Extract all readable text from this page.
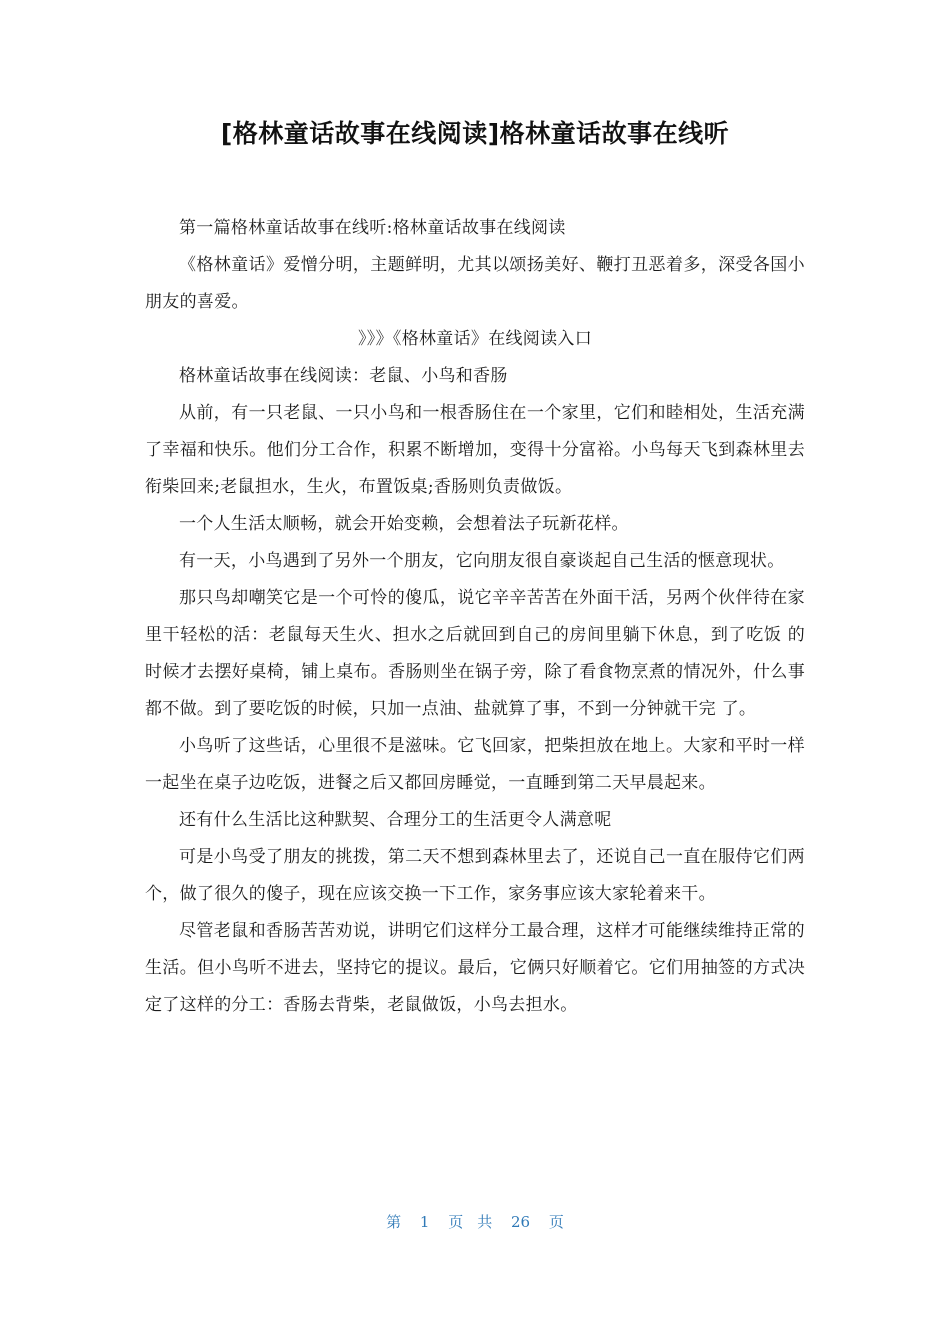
[格林童话故事在线阅读]格林童话故事在线听

第一篇格林童话故事在线听:格林童话故事在线阅读

《格林童话》爱憎分明，主题鲜明，尤其以颂扬美好、鞭打丑恶着多，深受各国小朋友的喜爱。

》》》《格林童话》在线阅读入口

格林童话故事在线阅读：老鼠、小鸟和香肠

从前，有一只老鼠、一只小鸟和一根香肠住在一个家里，它们和睦相处，生活充满了幸福和快乐。他们分工合作，积累不断增加，变得十分富裕。小鸟每天飞到森林里去衔柴回来;老鼠担水，生火，布置饭桌;香肠则负责做饭。

一个人生活太顺畅，就会开始变赖，会想着法子玩新花样。

有一天，小鸟遇到了另外一个朋友，它向朋友很自豪谈起自己生活的惬意现状。

那只鸟却嘲笑它是一个可怜的傻瓜，说它辛辛苦苦在外面干活，另两个伙伴待在家里干轻松的活：老鼠每天生火、担水之后就回到自己的房间里躺下休息，到了吃饭 的时候才去摆好桌椅，铺上桌布。香肠则坐在锅子旁，除了看食物烹煮的情况外，什么事都不做。到了要吃饭的时候，只加一点油、盐就算了事，不到一分钟就干完 了。

小鸟听了这些话，心里很不是滋味。它飞回家，把柴担放在地上。大家和平时一样一起坐在桌子边吃饭，进餐之后又都回房睡觉，一直睡到第二天早晨起来。

还有什么生活比这种默契、合理分工的生活更令人满意呢

可是小鸟受了朋友的挑拨，第二天不想到森林里去了，还说自己一直在服侍它们两个，做了很久的傻子，现在应该交换一下工作，家务事应该大家轮着来干。

尽管老鼠和香肠苦苦劝说，讲明它们这样分工最合理，这样才可能继续维持正常的生活。但小鸟听不进去，坚持它的提议。最后，它俩只好顺着它。它们用抽签的方式决定了这样的分工：香肠去背柴，老鼠做饭，小鸟去担水。

第 1 页 共 26 页
